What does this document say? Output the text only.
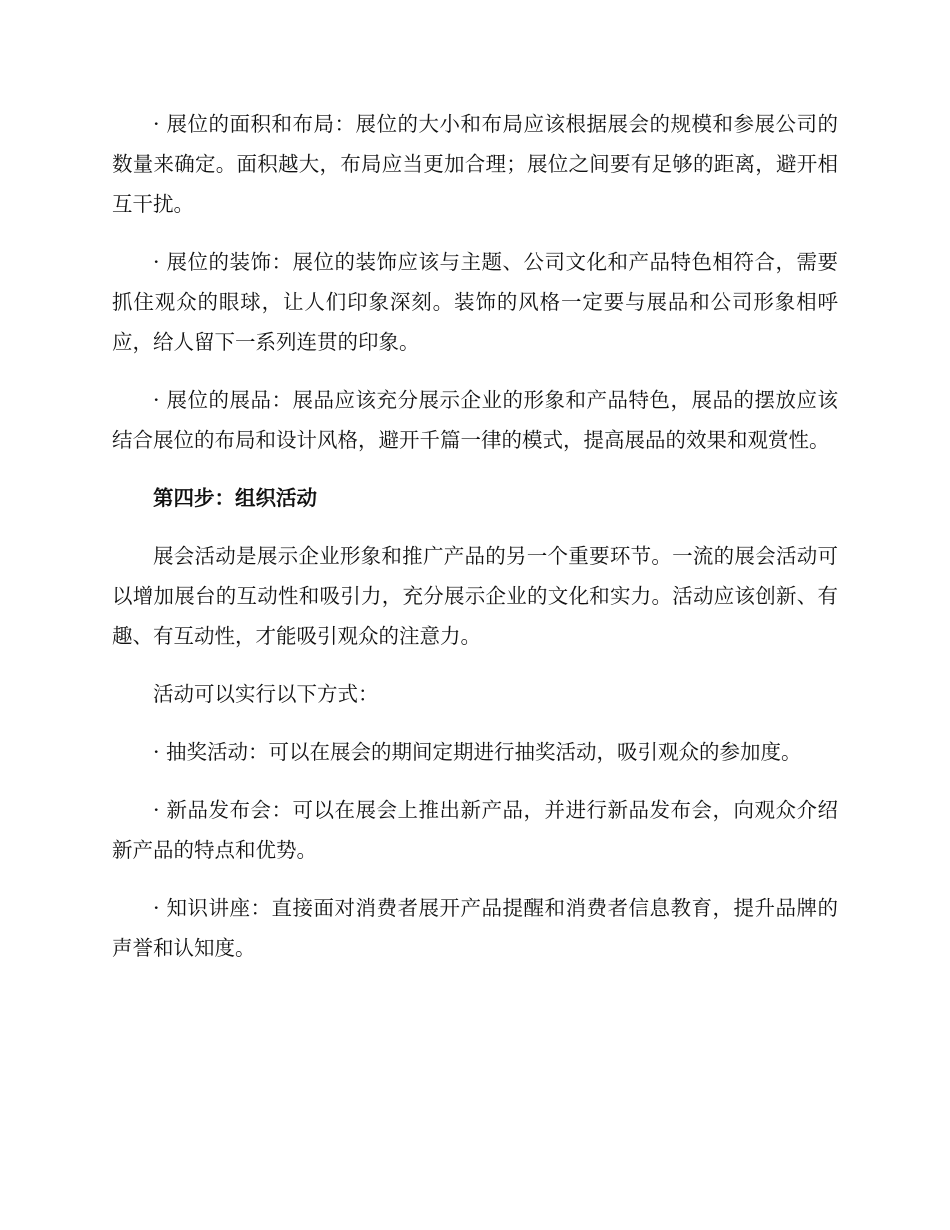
· 展位的面积和布局：展位的大小和布局应该根据展会的规模和参展公司的数量来确定。面积越大，布局应当更加合理；展位之间要有足够的距离，避开相互干扰。

· 展位的装饰：展位的装饰应该与主题、公司文化和产品特色相符合，需要抓住观众的眼球，让人们印象深刻。装饰的风格一定要与展品和公司形象相呼应，给人留下一系列连贯的印象。

· 展位的展品：展品应该充分展示企业的形象和产品特色，展品的摆放应该结合展位的布局和设计风格，避开千篇一律的模式，提高展品的效果和观赏性。

第四步：组织活动

展会活动是展示企业形象和推广产品的另一个重要环节。一流的展会活动可以增加展台的互动性和吸引力，充分展示企业的文化和实力。活动应该创新、有趣、有互动性，才能吸引观众的注意力。

活动可以实行以下方式：

· 抽奖活动：可以在展会的期间定期进行抽奖活动，吸引观众的参加度。

· 新品发布会：可以在展会上推出新产品，并进行新品发布会，向观众介绍新产品的特点和优势。

· 知识讲座：直接面对消费者展开产品提醒和消费者信息教育，提升品牌的声誉和认知度。
